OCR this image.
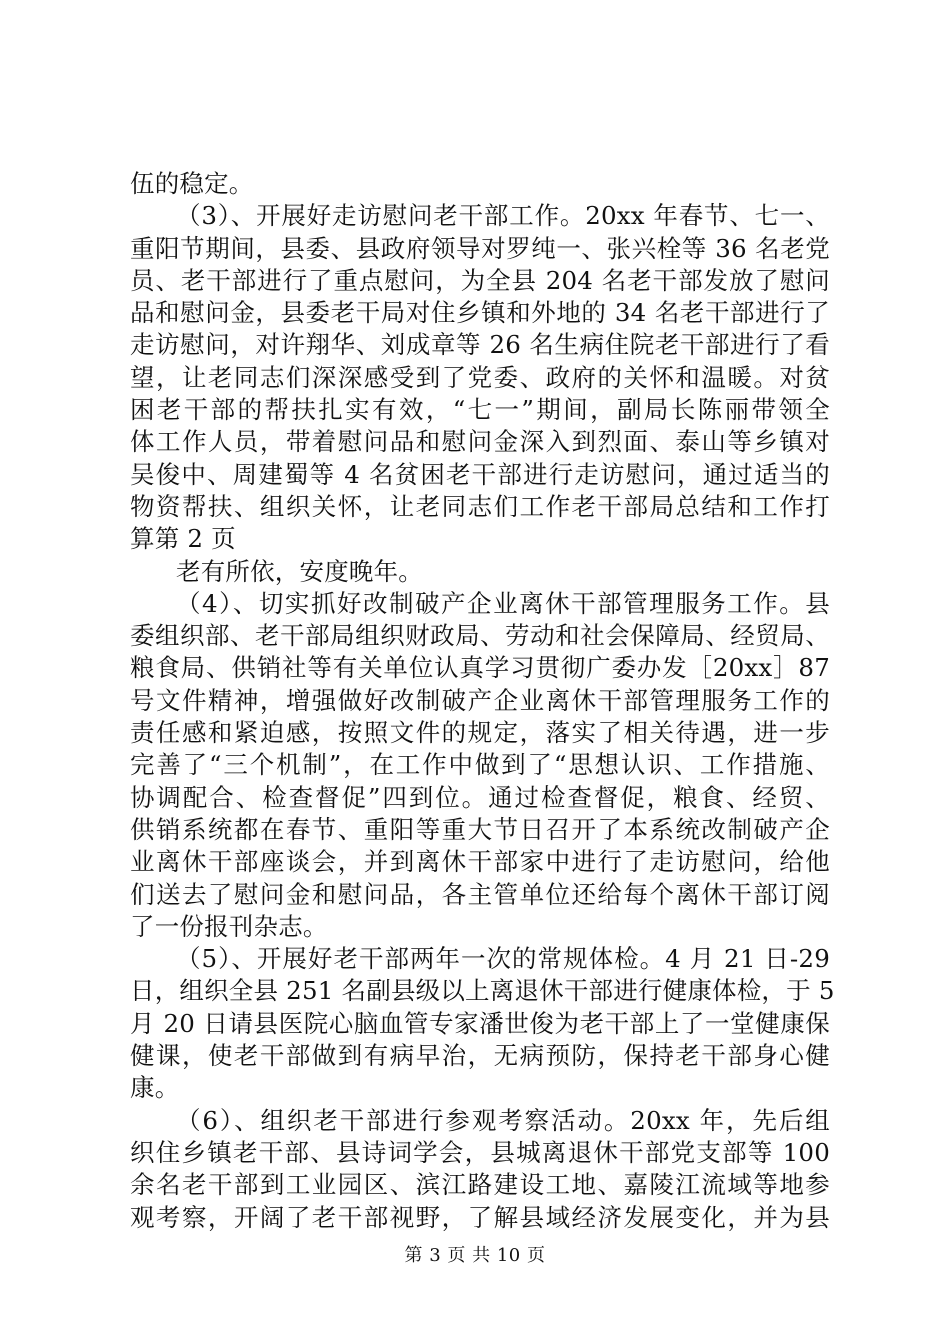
伍的稳定。
（3）、开展好走访慰问老干部工作。20xx 年春节、七一、
重阳节期间，县委、县政府领导对罗纯一、张兴栓等 36 名老党
员、老干部进行了重点慰问，为全县 204 名老干部发放了慰问
品和慰问金，县委老干局对住乡镇和外地的 34 名老干部进行了
走访慰问，对许翔华、刘成章等 26 名生病住院老干部进行了看
望，让老同志们深深感受到了党委、政府的关怀和温暖。对贫
困老干部的帮扶扎实有效，“七一”期间，副局长陈丽带领全
体工作人员，带着慰问品和慰问金深入到烈面、泰山等乡镇对
吴俊中、周建蜀等 4 名贫困老干部进行走访慰问，通过适当的
物资帮扶、组织关怀，让老同志们工作老干部局总结和工作打
算第 2 页
老有所依，安度晚年。
（4）、切实抓好改制破产企业离休干部管理服务工作。县
委组织部、老干部局组织财政局、劳动和社会保障局、经贸局、
粮食局、供销社等有关单位认真学习贯彻广委办发［20xx］87
号文件精神，增强做好改制破产企业离休干部管理服务工作的
责任感和紧迫感，按照文件的规定，落实了相关待遇，进一步
完善了“三个机制”，在工作中做到了“思想认识、工作措施、
协调配合、检查督促”四到位。通过检查督促，粮食、经贸、
供销系统都在春节、重阳等重大节日召开了本系统改制破产企
业离休干部座谈会，并到离休干部家中进行了走访慰问，给他
们送去了慰问金和慰问品，各主管单位还给每个离休干部订阅
了一份报刊杂志。
（5）、开展好老干部两年一次的常规体检。4 月 21 日-29
日，组织全县 251 名副县级以上离退休干部进行健康体检，于 5
月 20 日请县医院心脑血管专家潘世俊为老干部上了一堂健康保
健课，使老干部做到有病早治，无病预防，保持老干部身心健
康。
（6）、组织老干部进行参观考察活动。20xx 年，先后组
织住乡镇老干部、县诗词学会，县城离退休干部党支部等 100
余名老干部到工业园区、滨江路建设工地、嘉陵江流域等地参
观考察，开阔了老干部视野，了解县域经济发展变化，并为县
第 3 页 共 10 页
